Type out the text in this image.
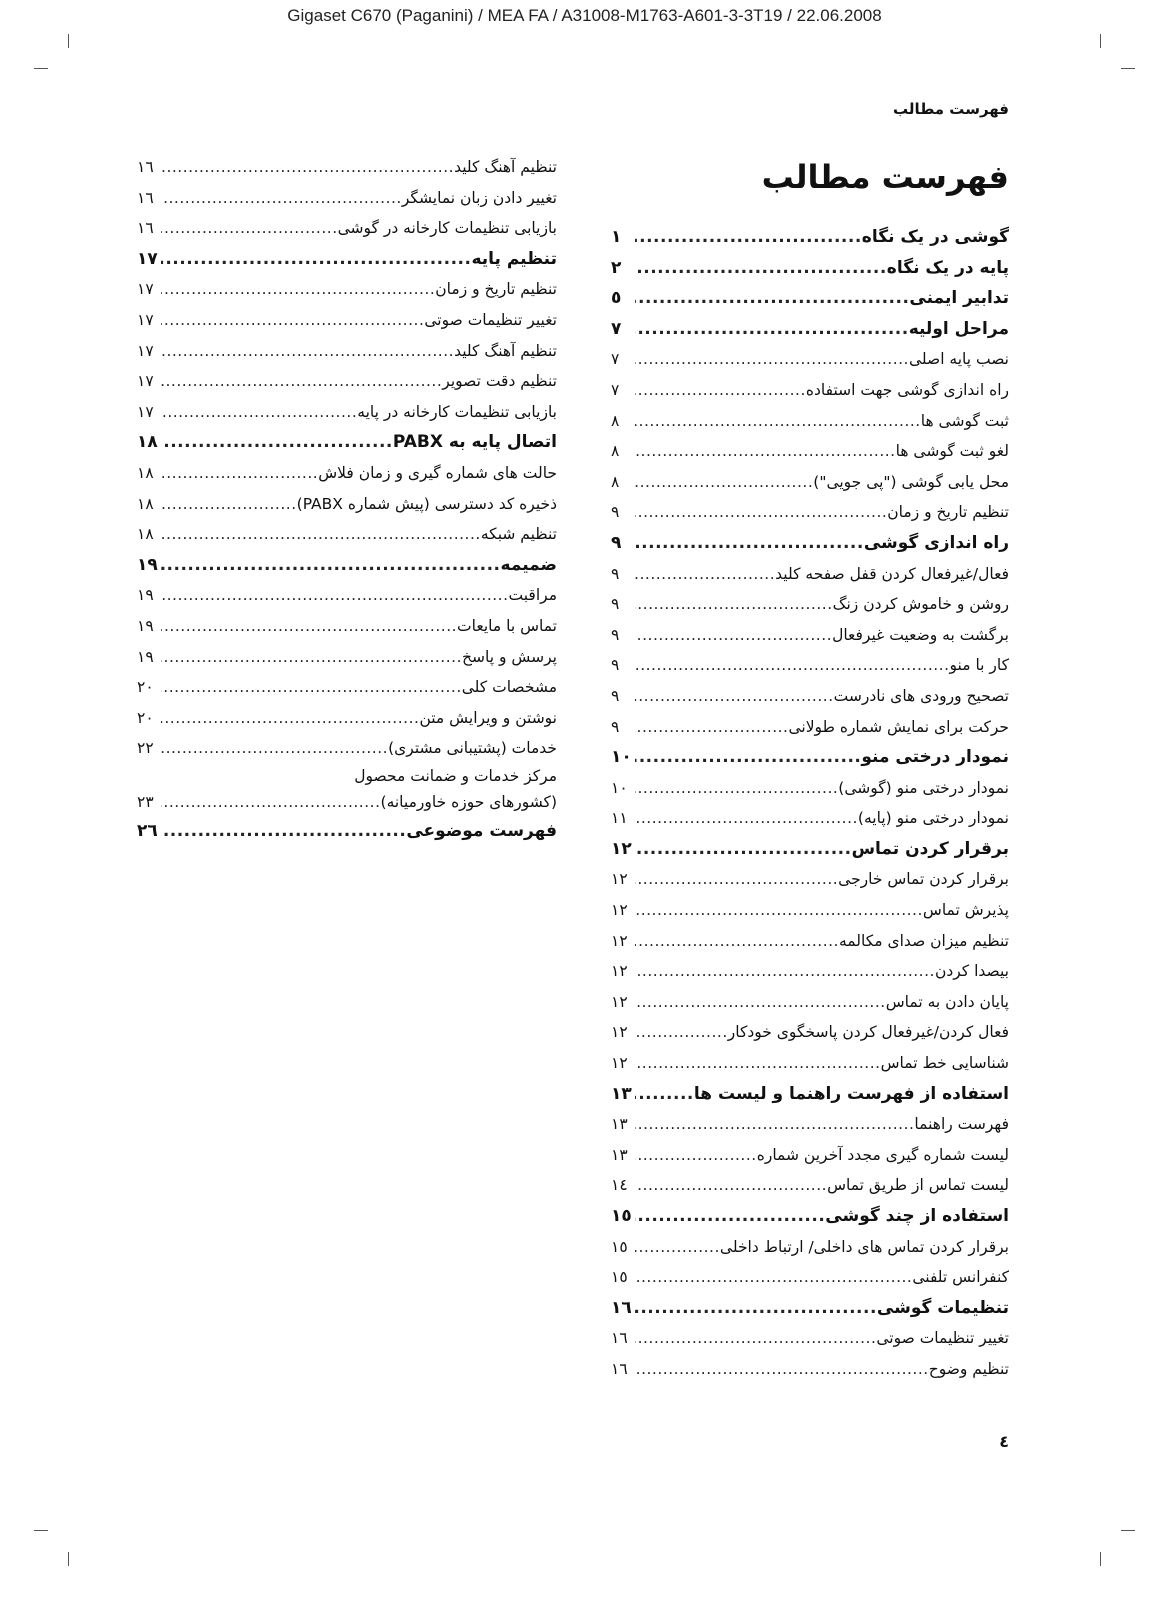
Gigaset C670 (Paganini) / MEA FA / A31008-M1763-A601-3-3T19 / 22.06.2008
فهرست مطالب
فهرست مطالب
گوشی در یک نگاه
.....
١
پایه در یک نگاه
.....
٢
تدابیر ایمنی
.....
٥
مراحل اولیه
.....
٧
نصب پایه اصلی
.....
٧
راه اندازی گوشی جهت استفاده
.....
٧
ثبت گوشی ها
.....
٨
لغو ثبت گوشی ها
.....
٨
محل یابی گوشی ("پی جویی")
.....
٨
تنظیم تاریخ و زمان
.....
٩
راه اندازی گوشی
.....
٩
فعال/غیرفعال کردن قفل صفحه کلید
.....
٩
روشن و خاموش کردن زنگ
.....
٩
برگشت به وضعیت غیرفعال
.....
٩
کار با منو
.....
٩
تصحیح ورودی های نادرست
.....
٩
حرکت برای نمایش شماره طولانی
.....
٩
نمودار درختی منو
.....
١٠
نمودار درختی منو (گوشی)
.....
١٠
نمودار درختی منو (پایه)
.....
١١
برقرار کردن تماس
.....
١٢
برقرار کردن تماس خارجی
.....
١٢
پذیرش تماس
.....
١٢
تنظیم میزان صدای مکالمه
.....
١٢
بیصدا کردن
.....
١٢
پایان دادن به تماس
.....
١٢
فعال کردن/غیرفعال کردن پاسخگوی خودکار
.....
١٢
شناسایی خط تماس
.....
١٢
استفاده از فهرست راهنما و لیست ها
.....
١٣
فهرست راهنما
.....
١٣
لیست شماره گیری مجدد آخرین شماره
.....
١٣
لیست تماس از طریق تماس
.....
١٤
استفاده از چند گوشی
.....
١٥
برقرار کردن تماس های داخلی/ ارتباط داخلی
.....
١٥
کنفرانس تلفنی
.....
١٥
تنظیمات گوشی
.....
١٦
تغییر تنظیمات صوتی
.....
١٦
تنظیم وضوح
.....
١٦
تنظیم آهنگ کلید
.....
١٦
تغییر دادن زبان نمایشگر
.....
١٦
بازیابی تنظیمات کارخانه در گوشی
.....
١٦
تنظیم پایه
.....
١٧
تنظیم تاریخ و زمان
.....
١٧
تغییر تنظیمات صوتی
.....
١٧
تنظیم آهنگ کلید
.....
١٧
تنظیم دقت تصویر
.....
١٧
بازیابی تنظیمات کارخانه در پایه
.....
١٧
اتصال پایه به PABX
.....
١٨
حالت های شماره گیری و زمان فلاش
.....
١٨
ذخیره کد دسترسی (پیش شماره PABX)
.....
١٨
تنظیم شبکه
.....
١٨
ضمیمه
.....
١٩
مراقبت
.....
١٩
تماس با مایعات
.....
١٩
پرسش و پاسخ
.....
١٩
مشخصات کلی
.....
٢٠
نوشتن و ویرایش متن
.....
٢٠
خدمات (پشتیبانی مشتری)
.....
٢٢
مرکز خدمات و ضمانت محصول
(کشورهای حوزه خاورمیانه)
.....
٢٣
فهرست موضوعی
.....
٢٦
٤
